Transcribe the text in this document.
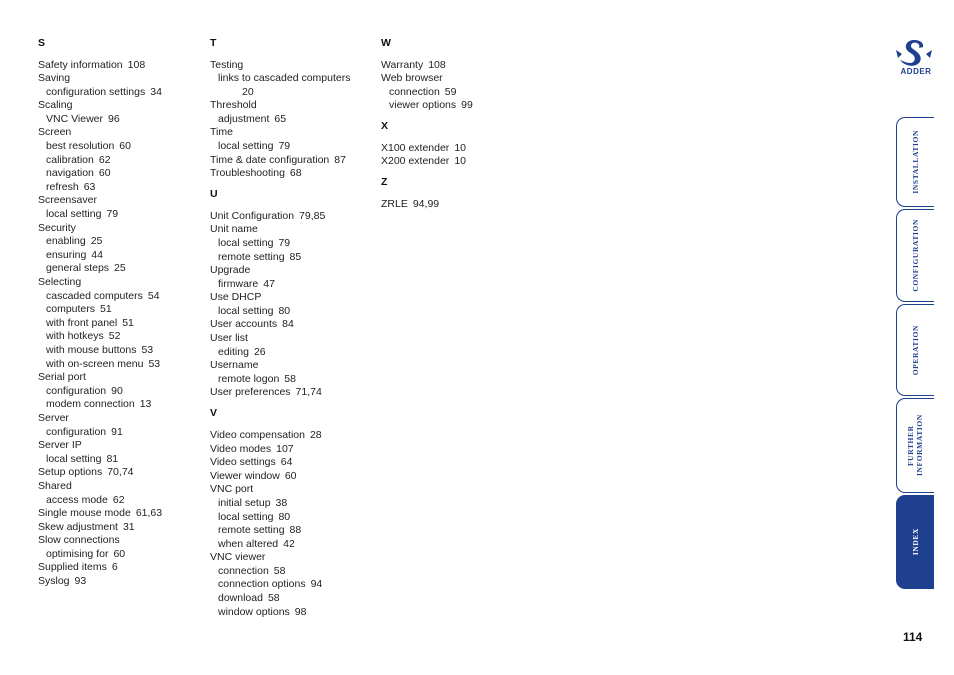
S
Safety information 108
Saving
configuration settings 34
Scaling
VNC Viewer 96
Screen
best resolution 60
calibration 62
navigation 60
refresh 63
Screensaver
local setting 79
Security
enabling 25
ensuring 44
general steps 25
Selecting
cascaded computers 54
computers 51
with front panel 51
with hotkeys 52
with mouse buttons 53
with on-screen menu 53
Serial port
configuration 90
modem connection 13
Server
configuration 91
Server IP
local setting 81
Setup options 70,74
Shared
access mode 62
Single mouse mode 61,63
Skew adjustment 31
Slow connections
optimising for 60
Supplied items 6
Syslog 93
T
Testing
links to cascaded computers
20
Threshold
adjustment 65
Time
local setting 79
Time & date configuration 87
Troubleshooting 68
U
Unit Configuration 79,85
Unit name
local setting 79
remote setting 85
Upgrade
firmware 47
Use DHCP
local setting 80
User accounts 84
User list
editing 26
Username
remote logon 58
User preferences 71,74
V
Video compensation 28
Video modes 107
Video settings 64
Viewer window 60
VNC port
initial setup 38
local setting 80
remote setting 88
when altered 42
VNC viewer
connection 58
connection options 94
download 58
window options 98
W
Warranty 108
Web browser
connection 59
viewer options 99
X
X100 extender 10
X200 extender 10
Z
ZRLE 94,99
ADDER
INSTALLATION
CONFIGURATION
OPERATION
FURTHER INFORMATION
INDEX
114
